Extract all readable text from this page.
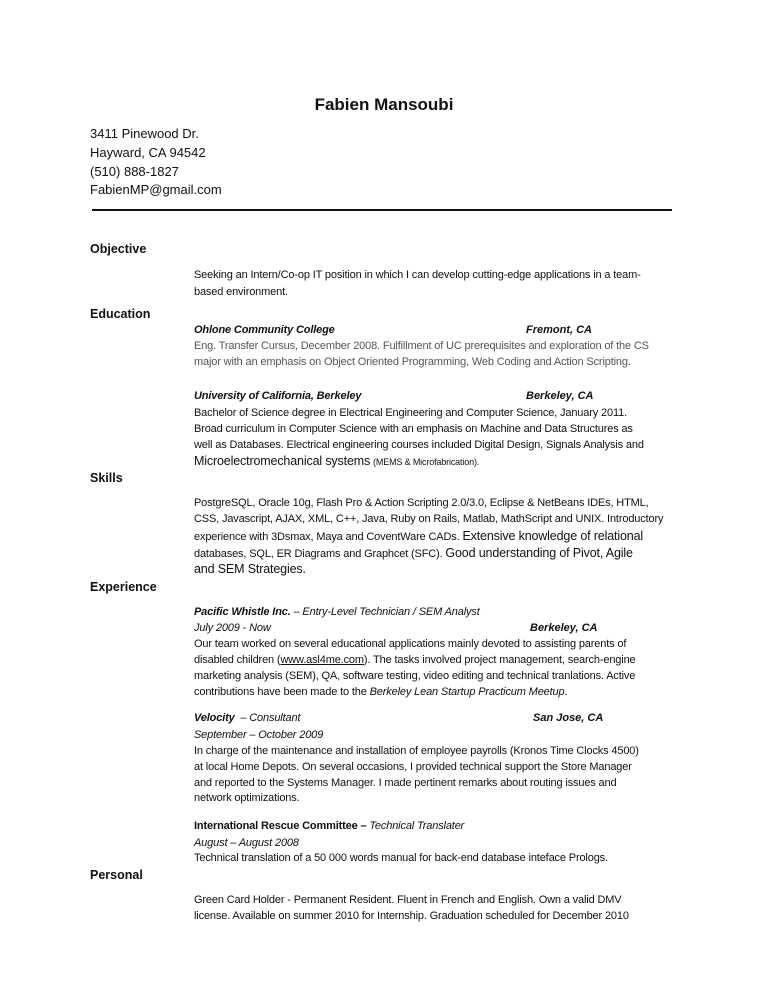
Fabien Mansoubi
3411 Pinewood Dr.
Hayward, CA 94542
(510) 888-1827
FabienMP@gmail.com
Objective
Seeking an Intern/Co-op IT position in which I can develop cutting-edge applications in a team-
based environment.
Education
Ohlone Community College	Fremont, CA
Eng. Transfer Cursus, December 2008. Fulfillment of UC prerequisites and exploration of the CS
major with an emphasis on Object Oriented Programming, Web Coding and Action Scripting.
University of California, Berkeley	Berkeley, CA
Bachelor of Science degree in Electrical Engineering and Computer Science, January 2011.
Broad curriculum in Computer Science with an emphasis on Machine and Data Structures as
well as Databases. Electrical engineering courses included Digital Design, Signals Analysis and
Microelectromechanical systems (MEMS & Microfabrication).
Skills
PostgreSQL, Oracle 10g, Flash Pro & Action Scripting 2.0/3.0, Eclipse & NetBeans IDEs, HTML,
CSS, Javascript, AJAX, XML, C++, Java, Ruby on Rails, Matlab, MathScript and UNIX. Introductory
experience with 3Dsmax, Maya and CoventWare CADs. Extensive knowledge of relational
databases, SQL, ER Diagrams and Graphcet (SFC). Good understanding of Pivot, Agile
and SEM Strategies.
Experience
Pacific Whistle Inc. – Entry-Level Technician / SEM Analyst
July 2009 - Now	Berkeley, CA
Our team worked on several educational applications mainly devoted to assisting parents of
disabled children (www.asl4me.com). The tasks involved project management, search-engine
marketing analysis (SEM), QA, software testing, video editing and technical tranlations. Active
contributions have been made to the Berkeley Lean Startup Practicum Meetup.
Velocity  – Consultant	San Jose, CA
September – October 2009
In charge of the maintenance and installation of employee payrolls (Kronos Time Clocks 4500)
at local Home Depots. On several occasions, I provided technical support the Store Manager
and reported to the Systems Manager. I made pertinent remarks about routing issues and
network optimizations.
International Rescue Committee – Technical Translater
August – August 2008
Technical translation of a 50 000 words manual for back-end database inteface Prologs.
Personal
Green Card Holder - Permanent Resident. Fluent in French and English. Own a valid DMV
license. Available on summer 2010 for Internship. Graduation scheduled for December 2010
